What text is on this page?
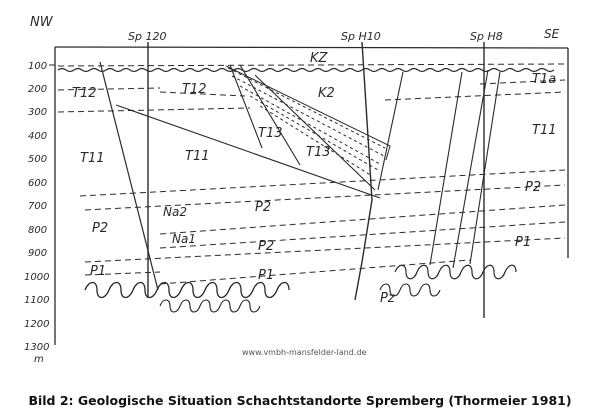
NW
SE
100
200
300
400
500
600
700
800
900
1000
1100
1200
1300
m
Sp 120	Sp H10	Sp H8
KZ
K2
T1a
T12	T12
T11	T11
T11
T13
T13
P2
P2
P2
P2
Na2
Na1
P1	P1
P1
Pz
www.vmbh-mansfelder-land.de
Bild 2: Geologische Situation Schachtstandorte Spremberg (Thormeier 1981)
